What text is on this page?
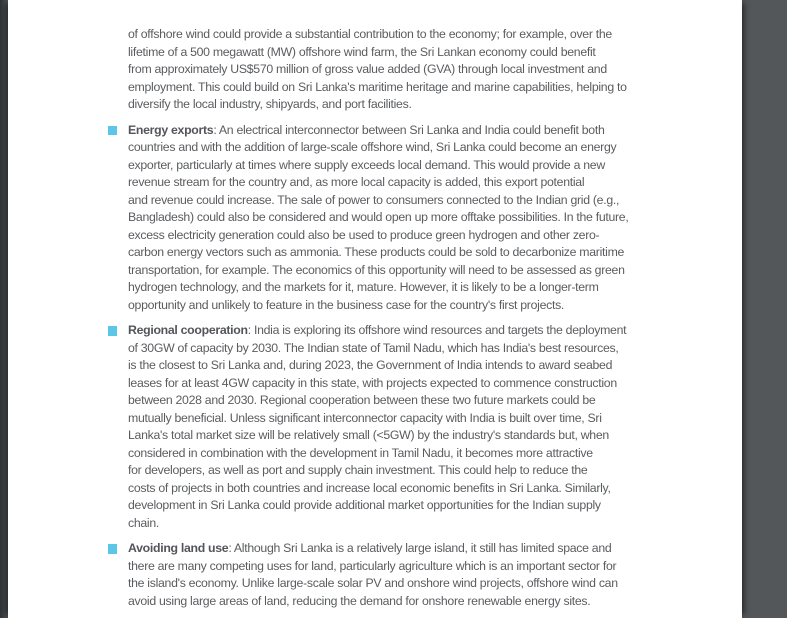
of offshore wind could provide a substantial contribution to the economy; for example, over the
lifetime of a 500 megawatt (MW) offshore wind farm, the Sri Lankan economy could benefit
from approximately US$570 million of gross value added (GVA) through local investment and
employment. This could build on Sri Lanka's maritime heritage and marine capabilities, helping to
diversify the local industry, shipyards, and port facilities.
Energy exports: An electrical interconnector between Sri Lanka and India could benefit both
countries and with the addition of large-scale offshore wind, Sri Lanka could become an energy
exporter, particularly at times where supply exceeds local demand. This would provide a new
revenue stream for the country and, as more local capacity is added, this export potential
and revenue could increase. The sale of power to consumers connected to the Indian grid (e.g.,
Bangladesh) could also be considered and would open up more offtake possibilities. In the future,
excess electricity generation could also be used to produce green hydrogen and other zero-
carbon energy vectors such as ammonia. These products could be sold to decarbonize maritime
transportation, for example. The economics of this opportunity will need to be assessed as green
hydrogen technology, and the markets for it, mature. However, it is likely to be a longer-term
opportunity and unlikely to feature in the business case for the country's first projects.
Regional cooperation: India is exploring its offshore wind resources and targets the deployment
of 30GW of capacity by 2030. The Indian state of Tamil Nadu, which has India's best resources,
is the closest to Sri Lanka and, during 2023, the Government of India intends to award seabed
leases for at least 4GW capacity in this state, with projects expected to commence construction
between 2028 and 2030. Regional cooperation between these two future markets could be
mutually beneficial. Unless significant interconnector capacity with India is built over time, Sri
Lanka's total market size will be relatively small (<5GW) by the industry's standards but, when
considered in combination with the development in Tamil Nadu, it becomes more attractive
for developers, as well as port and supply chain investment. This could help to reduce the
costs of projects in both countries and increase local economic benefits in Sri Lanka. Similarly,
development in Sri Lanka could provide additional market opportunities for the Indian supply
chain.
Avoiding land use: Although Sri Lanka is a relatively large island, it still has limited space and
there are many competing uses for land, particularly agriculture which is an important sector for
the island's economy. Unlike large-scale solar PV and onshore wind projects, offshore wind can
avoid using large areas of land, reducing the demand for onshore renewable energy sites.
